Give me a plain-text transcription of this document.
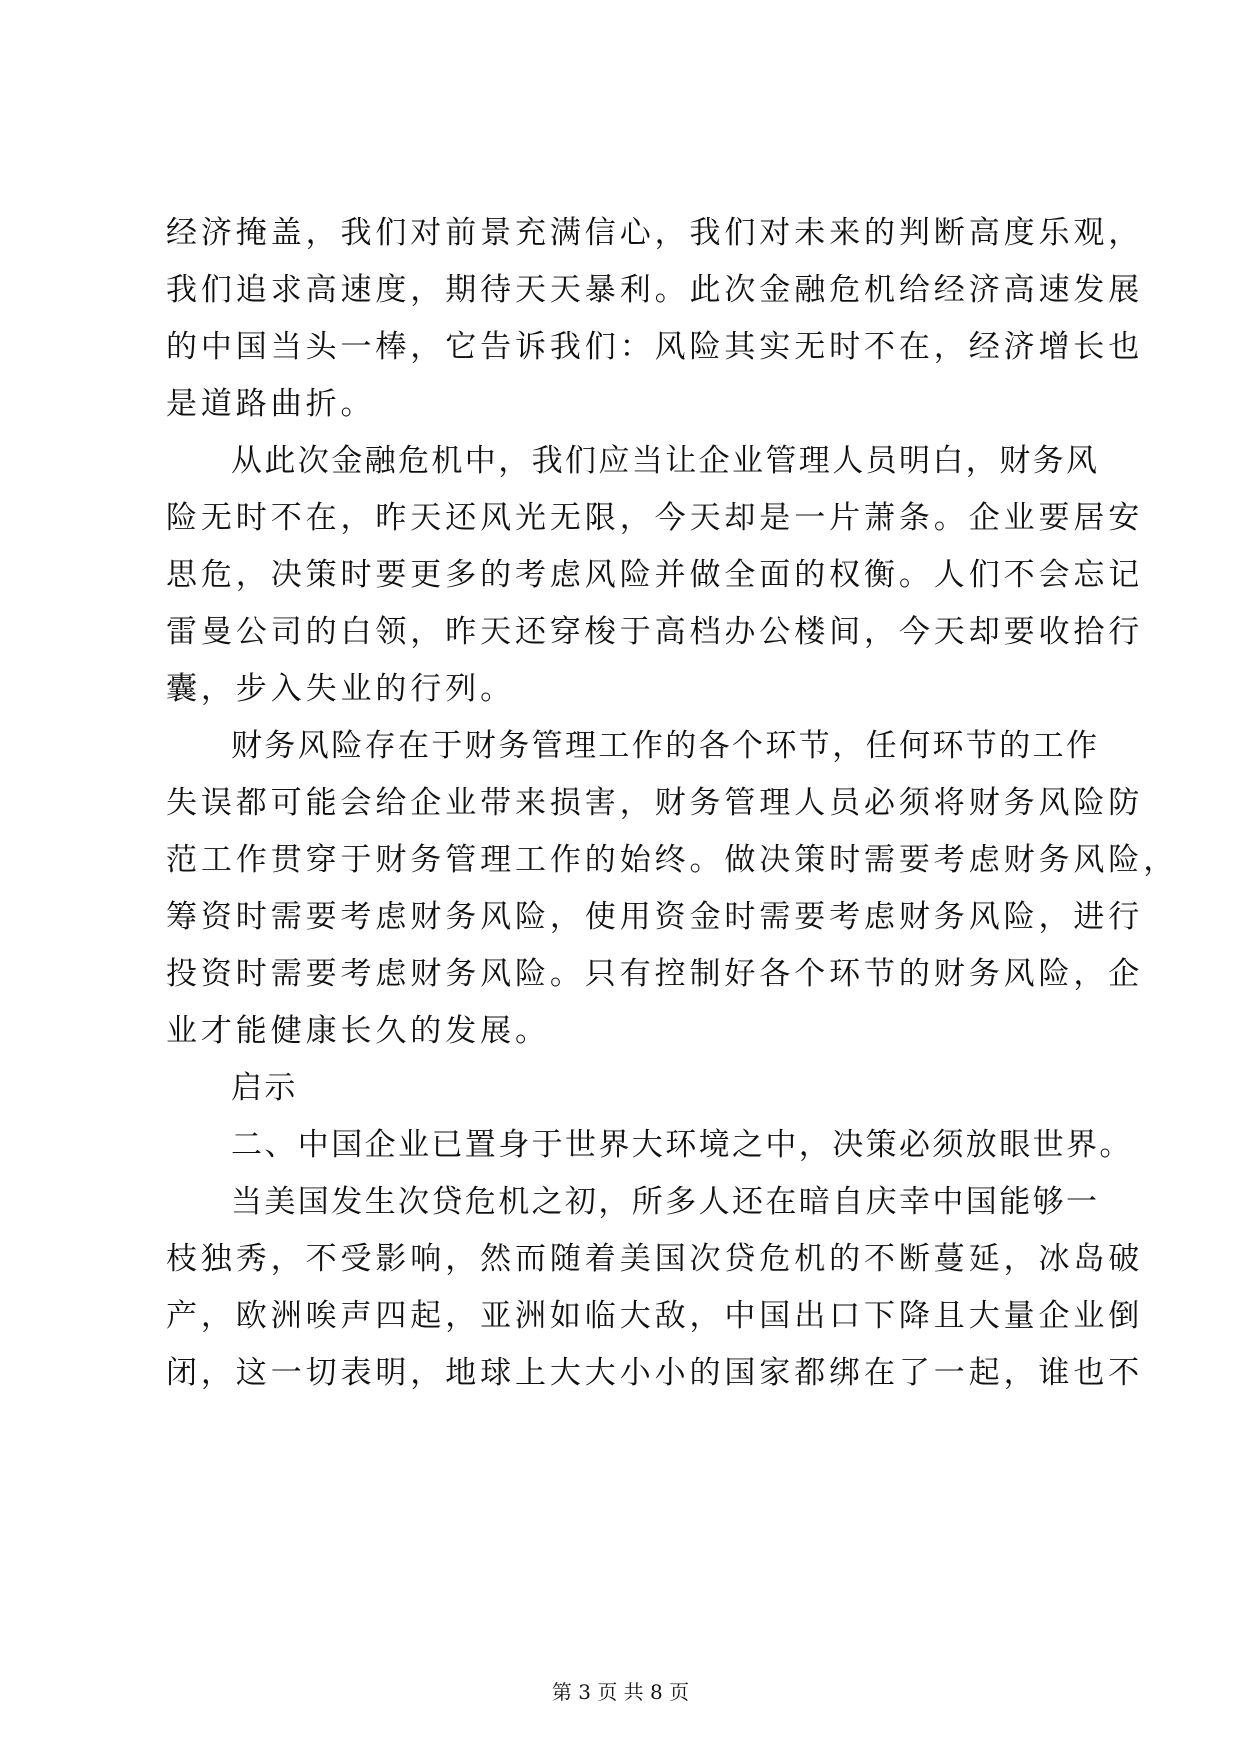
经济掩盖，我们对前景充满信心，我们对未来的判断高度乐观，
我们追求高速度，期待天天暴利。此次金融危机给经济高速发展
的中国当头一棒，它告诉我们：风险其实无时不在，经济增长也
是道路曲折。
从此次金融危机中，我们应当让企业管理人员明白，财务风
险无时不在，昨天还风光无限，今天却是一片萧条。企业要居安
思危，决策时要更多的考虑风险并做全面的权衡。人们不会忘记
雷曼公司的白领，昨天还穿梭于高档办公楼间，今天却要收拾行
囊，步入失业的行列。
财务风险存在于财务管理工作的各个环节，任何环节的工作
失误都可能会给企业带来损害，财务管理人员必须将财务风险防
范工作贯穿于财务管理工作的始终。做决策时需要考虑财务风险，
筹资时需要考虑财务风险，使用资金时需要考虑财务风险，进行
投资时需要考虑财务风险。只有控制好各个环节的财务风险，企
业才能健康长久的发展。
启示
二、中国企业已置身于世界大环境之中，决策必须放眼世界。
当美国发生次贷危机之初，所多人还在暗自庆幸中国能够一
枝独秀，不受影响，然而随着美国次贷危机的不断蔓延，冰岛破
产，欧洲唉声四起，亚洲如临大敌，中国出口下降且大量企业倒
闭，这一切表明，地球上大大小小的国家都绑在了一起，谁也不
第 3 页 共 8 页
